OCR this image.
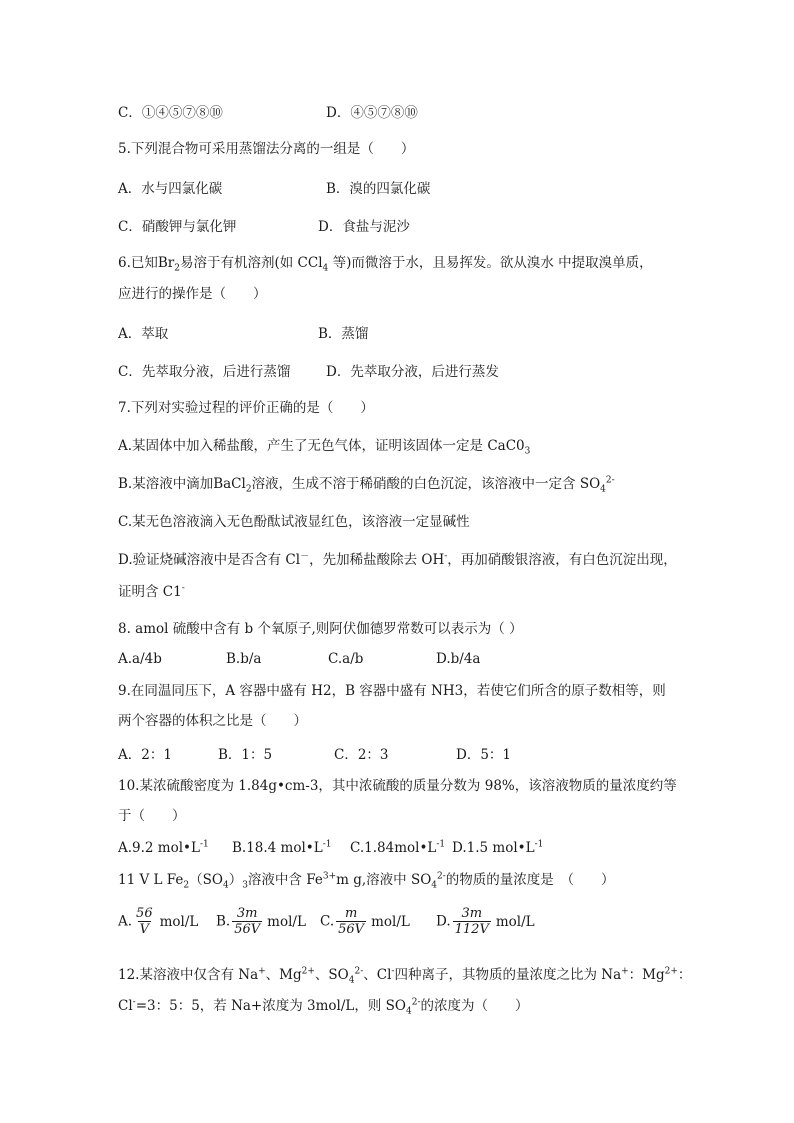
C．①④⑤⑦⑧⑩	D．④⑤⑦⑧⑩
5.下列混合物可采用蒸馏法分离的一组是（　　）
A．水与四氯化碳	B．溴的四氯化碳
C．硝酸钾与氯化钾	D．食盐与泥沙
6.已知$Br_2$易溶于有机溶剂(如 CCl$_4$ 等)而微溶于水，且易挥发。欲从溴水 中提取溴单质，
应进行的操作是（　　）
A．萃取	B．蒸馏
C．先萃取分液，后进行蒸馏	D．先萃取分液，后进行蒸发
7.下列对实验过程的评价正确的是（　　）
A.某固体中加入稀盐酸，产生了无色气体，证明该固体一定是 $CaC0_3$
B.某溶液中滴加BaCl$_2$溶液，生成不溶于稀硝酸的白色沉淀，该溶液中一定含 $SO_4^{2-}$
C.某无色溶液滴入无色酚酞试液显红色，该溶液一定显碱性
D.验证烧碱溶液中是否含有 Cl－，先加稀盐酸除去 OH-，再加硝酸银溶液，有白色沉淀出现，
证明含 C1-
8. amol 硫酸中含有 b 个氧原子,则阿伏伽德罗常数可以表示为（ ）
A.a/4b	B.b/a	C.a/b	D.b/4a
9.在同温同压下，A 容器中盛有 H2，B 容器中盛有 NH3，若使它们所含的原子数相等，则
两个容器的体积之比是（　　）
A．2：1	B．1：5	C．2：3	D．5：1
10.某浓硫酸密度为 1.84g•cm-3，其中浓硫酸的质量分数为 98%，该溶液物质的量浓度约等
于（　　）
A.9.2 $mol•L^{-1}$ B.18.4 $mol•L^{-1}$ $C.1.84mol•L^{-1}$ D.1.5 $mol•L^{-1}$
11 V L $Fe_2(SO_4)_3$溶液中含 $Fe^{3+}m$ g,溶液中 $SO_4^{2-}$的物质的量浓度是　（　　）
A. $\frac{56}{V} mol/L$ B. $\frac{3m}{56V} mol/L$ C. $\frac{m}{56V} mol/L$ D. $\frac{3m}{112V} mol/L$
12.某溶液中仅含有 Na+、$Mg^{2+}$、$SO_4^{2-}$、Cl-四种离子，其物质的量浓度之比为 Na+：$Mg^{2+}$：
Cl-=3：5：5，若 Na+浓度为 3mol/L，则 $SO_4^{2-}$的浓度为（　　）
